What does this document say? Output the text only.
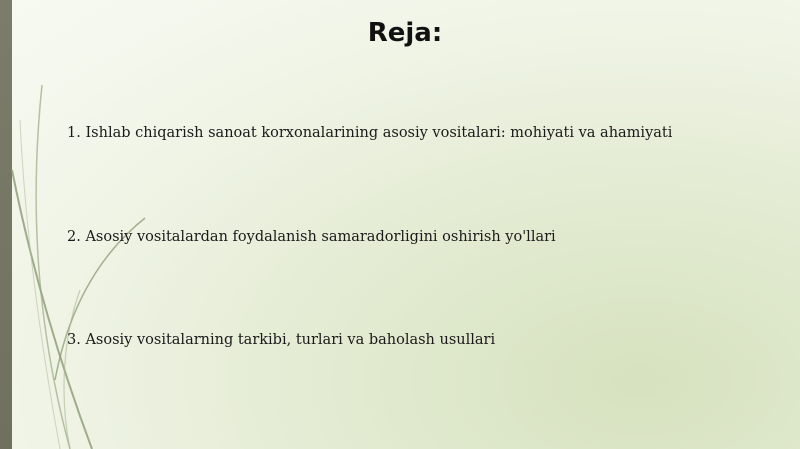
Reja:

1. Ishlab chiqarish sanoat korxonalarining asosiy vositalari: mohiyati va ahamiyati

2. Asosiy vositalardan foydalanish samaradorligini oshirish yo'llari

3. Asosiy vositalarning tarkibi, turlari va baholash usullari
